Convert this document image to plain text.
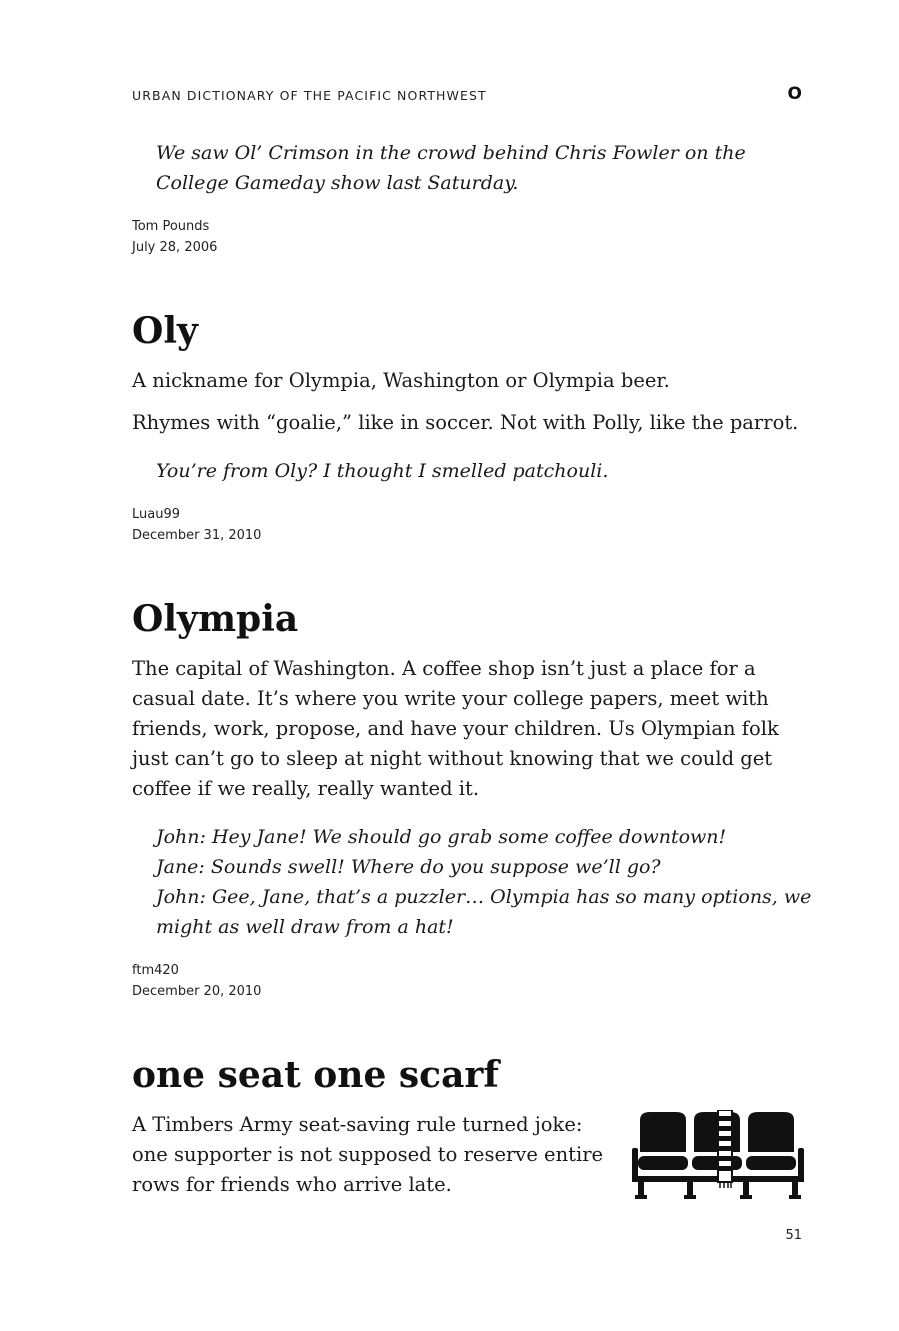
URBAN DICTIONARY OF THE PACIFIC NORTHWEST	O
We saw Ol’ Crimson in the crowd behind Chris Fowler on the
College Gameday show last Saturday.
Tom Pounds
July 28, 2006
Oly
A nickname for Olympia, Washington or Olympia beer.
Rhymes with “goalie,” like in soccer. Not with Polly, like the parrot.
You’re from Oly? I thought I smelled patchouli.
Luau99
December 31, 2010
Olympia
The capital of Washington. A coffee shop isn’t just a place for a
casual date. It’s where you write your college papers, meet with
friends, work, propose, and have your children. Us Olympian folk
just can’t go to sleep at night without knowing that we could get
coffee if we really, really wanted it.
John: Hey Jane! We should go grab some coffee downtown!
Jane: Sounds swell! Where do you suppose we’ll go?
John: Gee, Jane, that’s a puzzler… Olympia has so many options, we
might as well draw from a hat!
ftm420
December 20, 2010
one seat one scarf
A Timbers Army seat-saving rule turned joke:
one supporter is not supposed to reserve entire
rows for friends who arrive late.
51
